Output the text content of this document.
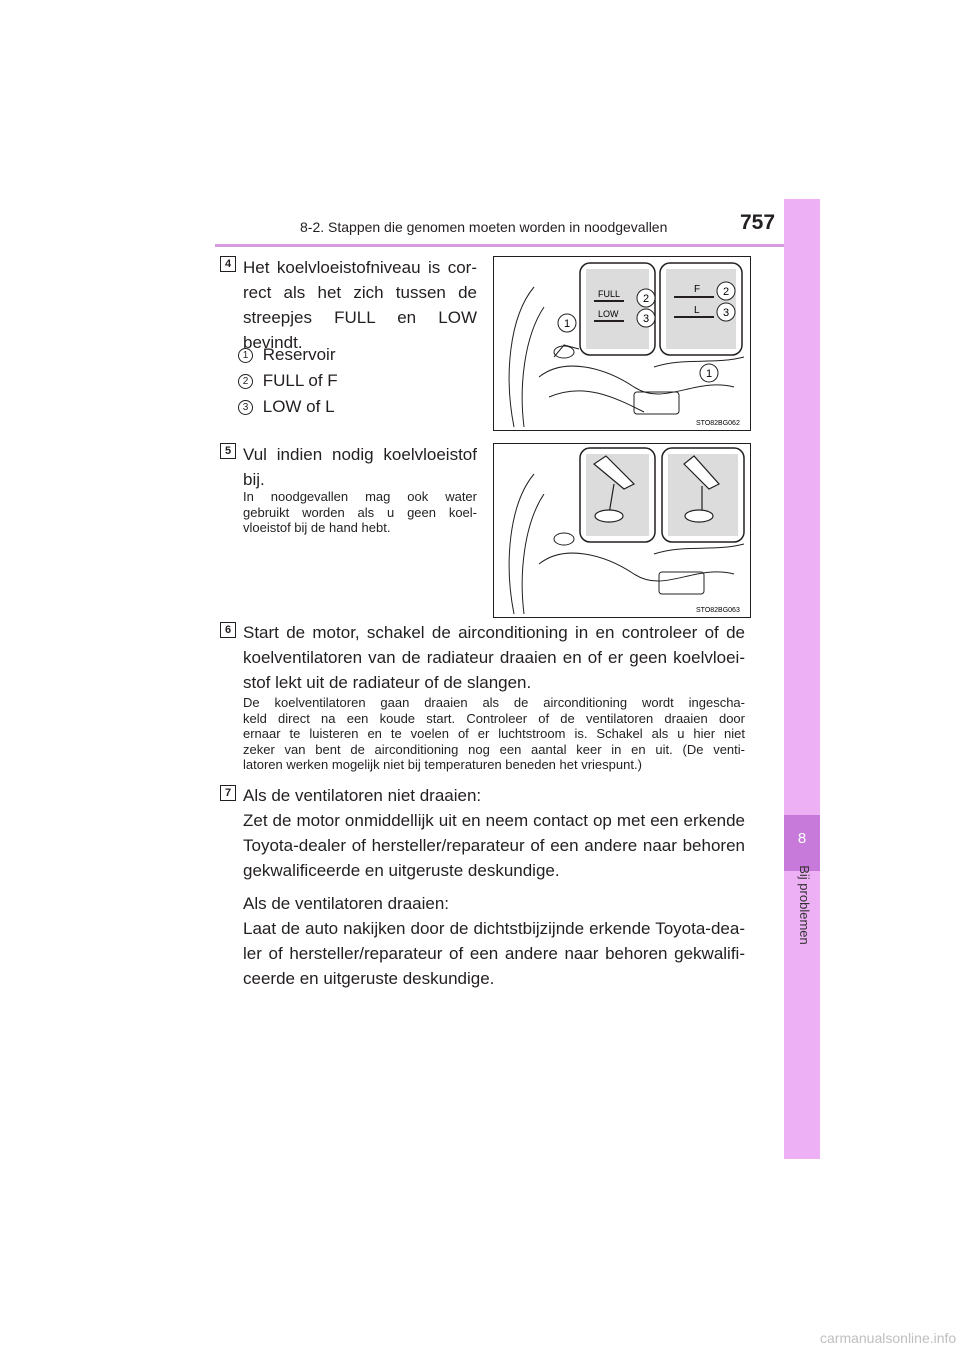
8-2. Stappen die genomen moeten worden in noodgevallen	757
8
Bij problemen
4 Het koelvloeistofniveau is cor-
rect als het zich tussen de
streepjes FULL en LOW
bevindt.
1 Reservoir
2 FULL of F
3 LOW of L
FULL
LOW
F
L
1
2
3
2
3
1
STO82BG062
5 Vul indien nodig koelvloeistof
bij.
In noodgevallen mag ook water
gebruikt worden als u geen koel-
vloeistof bij de hand hebt.
STO82BG063
6 Start de motor, schakel de airconditioning in en controleer of de
koelventilatoren van de radiateur draaien en of er geen koelvloei-
stof lekt uit de radiateur of de slangen.
De koelventilatoren gaan draaien als de airconditioning wordt ingescha-
keld direct na een koude start. Controleer of de ventilatoren draaien door
ernaar te luisteren en te voelen of er luchtstroom is. Schakel als u hier niet
zeker van bent de airconditioning nog een aantal keer in en uit. (De venti-
latoren werken mogelijk niet bij temperaturen beneden het vriespunt.)
7 Als de ventilatoren niet draaien:
Zet de motor onmiddellijk uit en neem contact op met een erkende
Toyota-dealer of hersteller/reparateur of een andere naar behoren
gekwalificeerde en uitgeruste deskundige.
Als de ventilatoren draaien:
Laat de auto nakijken door de dichtstbijzijnde erkende Toyota-dea-
ler of hersteller/reparateur of een andere naar behoren gekwalifi-
ceerde en uitgeruste deskundige.
carmanualsonline.info
